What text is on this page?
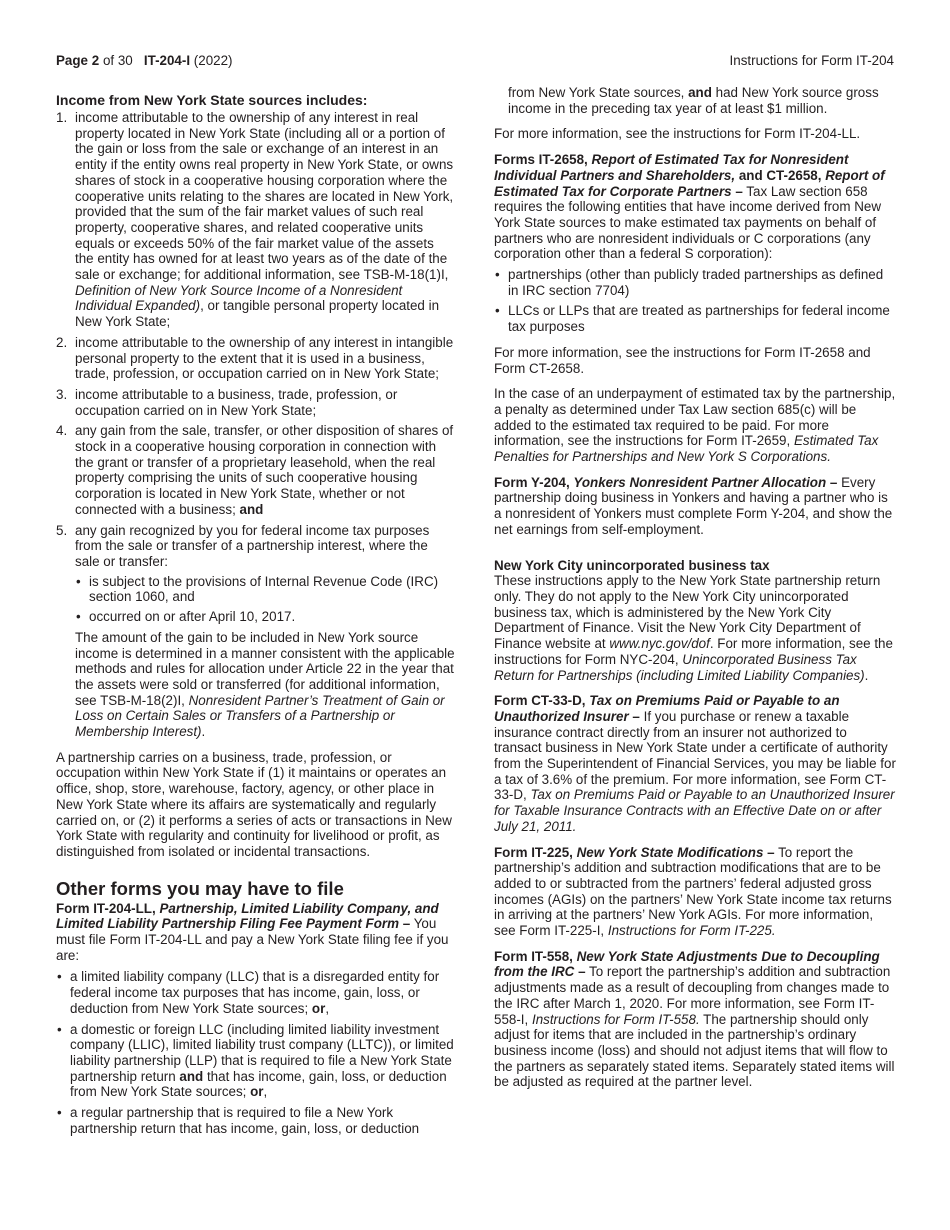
Page 2 of 30 IT-204-I (2022)	Instructions for Form IT-204
Income from New York State sources includes:
1. income attributable to the ownership of any interest in real property located in New York State (including all or a portion of the gain or loss from the sale or exchange of an interest in an entity if the entity owns real property in New York State, or owns shares of stock in a cooperative housing corporation where the cooperative units relating to the shares are located in New York, provided that the sum of the fair market values of such real property, cooperative shares, and related cooperative units equals or exceeds 50% of the fair market value of the assets the entity has owned for at least two years as of the date of the sale or exchange; for additional information, see TSB-M-18(1)I, Definition of New York Source Income of a Nonresident Individual Expanded), or tangible personal property located in New York State;
2. income attributable to the ownership of any interest in intangible personal property to the extent that it is used in a business, trade, profession, or occupation carried on in New York State;
3. income attributable to a business, trade, profession, or occupation carried on in New York State;
4. any gain from the sale, transfer, or other disposition of shares of stock in a cooperative housing corporation in connection with the grant or transfer of a proprietary leasehold, when the real property comprising the units of such cooperative housing corporation is located in New York State, whether or not connected with a business; and
5. any gain recognized by you for federal income tax purposes from the sale or transfer of a partnership interest, where the sale or transfer:
• is subject to the provisions of Internal Revenue Code (IRC) section 1060, and
• occurred on or after April 10, 2017.
The amount of the gain to be included in New York source income is determined in a manner consistent with the applicable methods and rules for allocation under Article 22 in the year that the assets were sold or transferred (for additional information, see TSB-M-18(2)I, Nonresident Partner’s Treatment of Gain or Loss on Certain Sales or Transfers of a Partnership or Membership Interest).

A partnership carries on a business, trade, profession, or occupation within New York State if (1) it maintains or operates an office, shop, store, warehouse, factory, agency, or other place in New York State where its affairs are systematically and regularly carried on, or (2) it performs a series of acts or transactions in New York State with regularity and continuity for livelihood or profit, as distinguished from isolated or incidental transactions.

Other forms you may have to file
Form IT-204-LL, Partnership, Limited Liability Company, and Limited Liability Partnership Filing Fee Payment Form – You must file Form IT-204-LL and pay a New York State filing fee if you are:
• a limited liability company (LLC) that is a disregarded entity for federal income tax purposes that has income, gain, loss, or deduction from New York State sources; or,
• a domestic or foreign LLC (including limited liability investment company (LLIC), limited liability trust company (LLTC)), or limited liability partnership (LLP) that is required to file a New York State partnership return and that has income, gain, loss, or deduction from New York State sources; or,
• a regular partnership that is required to file a New York partnership return that has income, gain, loss, or deduction
from New York State sources, and had New York source gross income in the preceding tax year of at least $1 million.

For more information, see the instructions for Form IT-204-LL.

Forms IT-2658, Report of Estimated Tax for Nonresident Individual Partners and Shareholders, and CT-2658, Report of Estimated Tax for Corporate Partners – Tax Law section 658 requires the following entities that have income derived from New York State sources to make estimated tax payments on behalf of partners who are nonresident individuals or C corporations (any corporation other than a federal S corporation):
• partnerships (other than publicly traded partnerships as defined in IRC section 7704)
• LLCs or LLPs that are treated as partnerships for federal income tax purposes

For more information, see the instructions for Form IT-2658 and Form CT-2658.

In the case of an underpayment of estimated tax by the partnership, a penalty as determined under Tax Law section 685(c) will be added to the estimated tax required to be paid. For more information, see the instructions for Form IT-2659, Estimated Tax Penalties for Partnerships and New York S Corporations.

Form Y-204, Yonkers Nonresident Partner Allocation – Every partnership doing business in Yonkers and having a partner who is a nonresident of Yonkers must complete Form Y-204, and show the net earnings from self-employment.

New York City unincorporated business tax

These instructions apply to the New York State partnership return only. They do not apply to the New York City unincorporated business tax, which is administered by the New York City Department of Finance. Visit the New York City Department of Finance website at www.nyc.gov/dof. For more information, see the instructions for Form NYC-204, Unincorporated Business Tax Return for Partnerships (including Limited Liability Companies).

Form CT-33-D, Tax on Premiums Paid or Payable to an Unauthorized Insurer – If you purchase or renew a taxable insurance contract directly from an insurer not authorized to transact business in New York State under a certificate of authority from the Superintendent of Financial Services, you may be liable for a tax of 3.6% of the premium. For more information, see Form CT-33-D, Tax on Premiums Paid or Payable to an Unauthorized Insurer for Taxable Insurance Contracts with an Effective Date on or after July 21, 2011.

Form IT-225, New York State Modifications – To report the partnership’s addition and subtraction modifications that are to be added to or subtracted from the partners’ federal adjusted gross incomes (AGIs) on the partners’ New York State income tax returns in arriving at the partners’ New York AGIs. For more information, see Form IT-225-I, Instructions for Form IT-225.

Form IT-558, New York State Adjustments Due to Decoupling from the IRC – To report the partnership’s addition and subtraction adjustments made as a result of decoupling from changes made to the IRC after March 1, 2020. For more information, see Form IT-558-I, Instructions for Form IT-558. The partnership should only adjust for items that are included in the partnership’s ordinary business income (loss) and should not adjust items that will flow to the partners as separately stated items. Separately stated items will be adjusted as required at the partner level.
